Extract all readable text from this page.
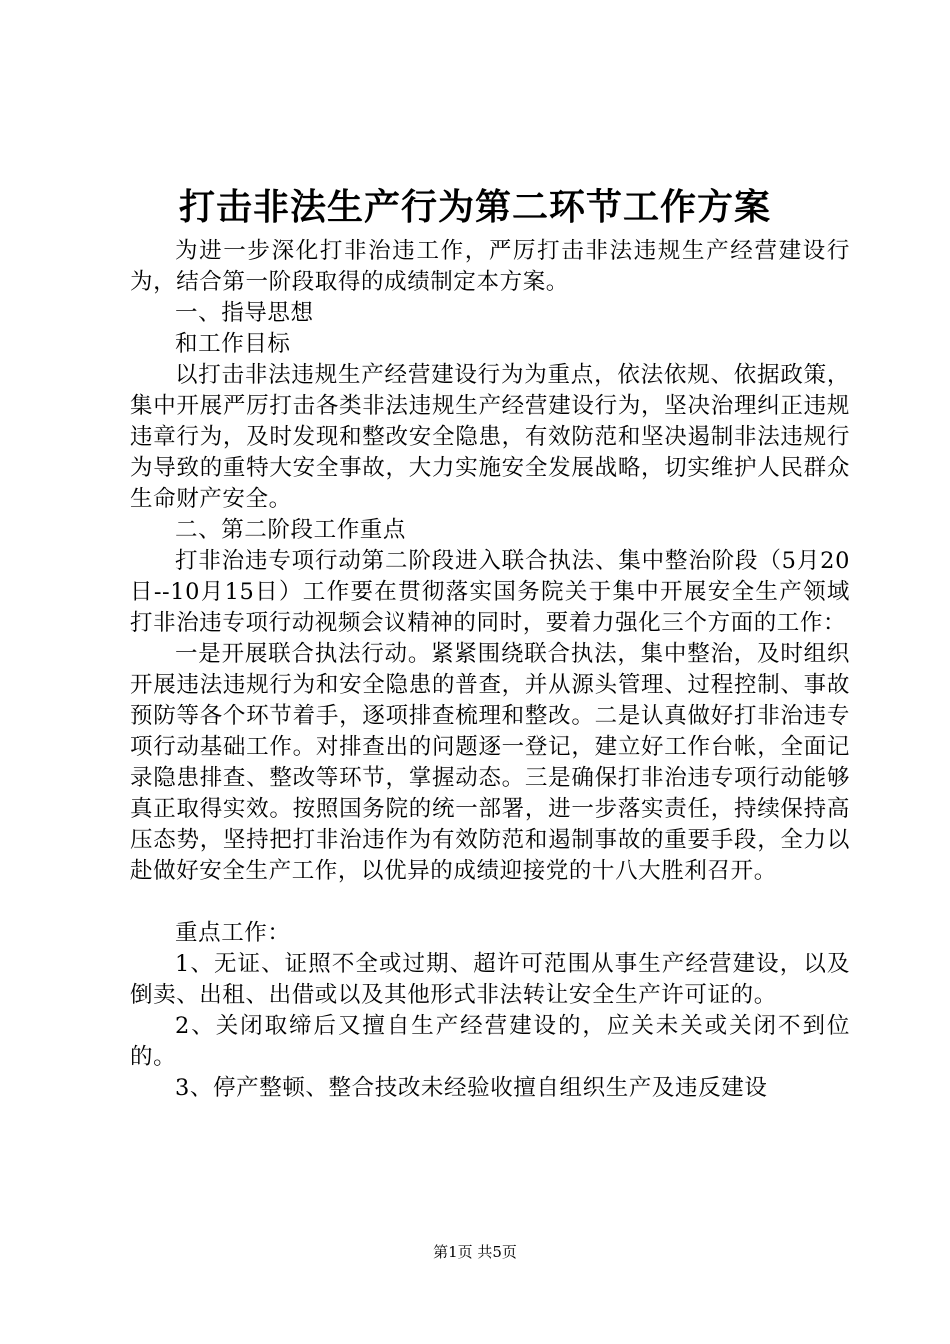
打击非法生产行为第二环节工作方案

为进一步深化打非治违工作，严厉打击非法违规生产经营建设行为，结合第一阶段取得的成绩制定本方案。

一、指导思想

和工作目标

以打击非法违规生产经营建设行为为重点，依法依规、依据政策，集中开展严厉打击各类非法违规生产经营建设行为，坚决治理纠正违规违章行为，及时发现和整改安全隐患，有效防范和坚决遏制非法违规行为导致的重特大安全事故，大力实施安全发展战略，切实维护人民群众生命财产安全。

二、第二阶段工作重点

打非治违专项行动第二阶段进入联合执法、集中整治阶段（5月20日--10月15日）工作要在贯彻落实国务院关于集中开展安全生产领域打非治违专项行动视频会议精神的同时，要着力强化三个方面的工作：

一是开展联合执法行动。紧紧围绕联合执法，集中整治，及时组织开展违法违规行为和安全隐患的普查，并从源头管理、过程控制、事故预防等各个环节着手，逐项排查梳理和整改。二是认真做好打非治违专项行动基础工作。对排查出的问题逐一登记，建立好工作台帐，全面记录隐患排查、整改等环节，掌握动态。三是确保打非治违专项行动能够真正取得实效。按照国务院的统一部署，进一步落实责任，持续保持高压态势，坚持把打非治违作为有效防范和遏制事故的重要手段，全力以赴做好安全生产工作，以优异的成绩迎接党的十八大胜利召开。

重点工作：

1、无证、证照不全或过期、超许可范围从事生产经营建设，以及倒卖、出租、出借或以及其他形式非法转让安全生产许可证的。

2、关闭取缔后又擅自生产经营建设的，应关未关或关闭不到位的。

3、停产整顿、整合技改未经验收擅自组织生产及违反建设

第1页 共5页
